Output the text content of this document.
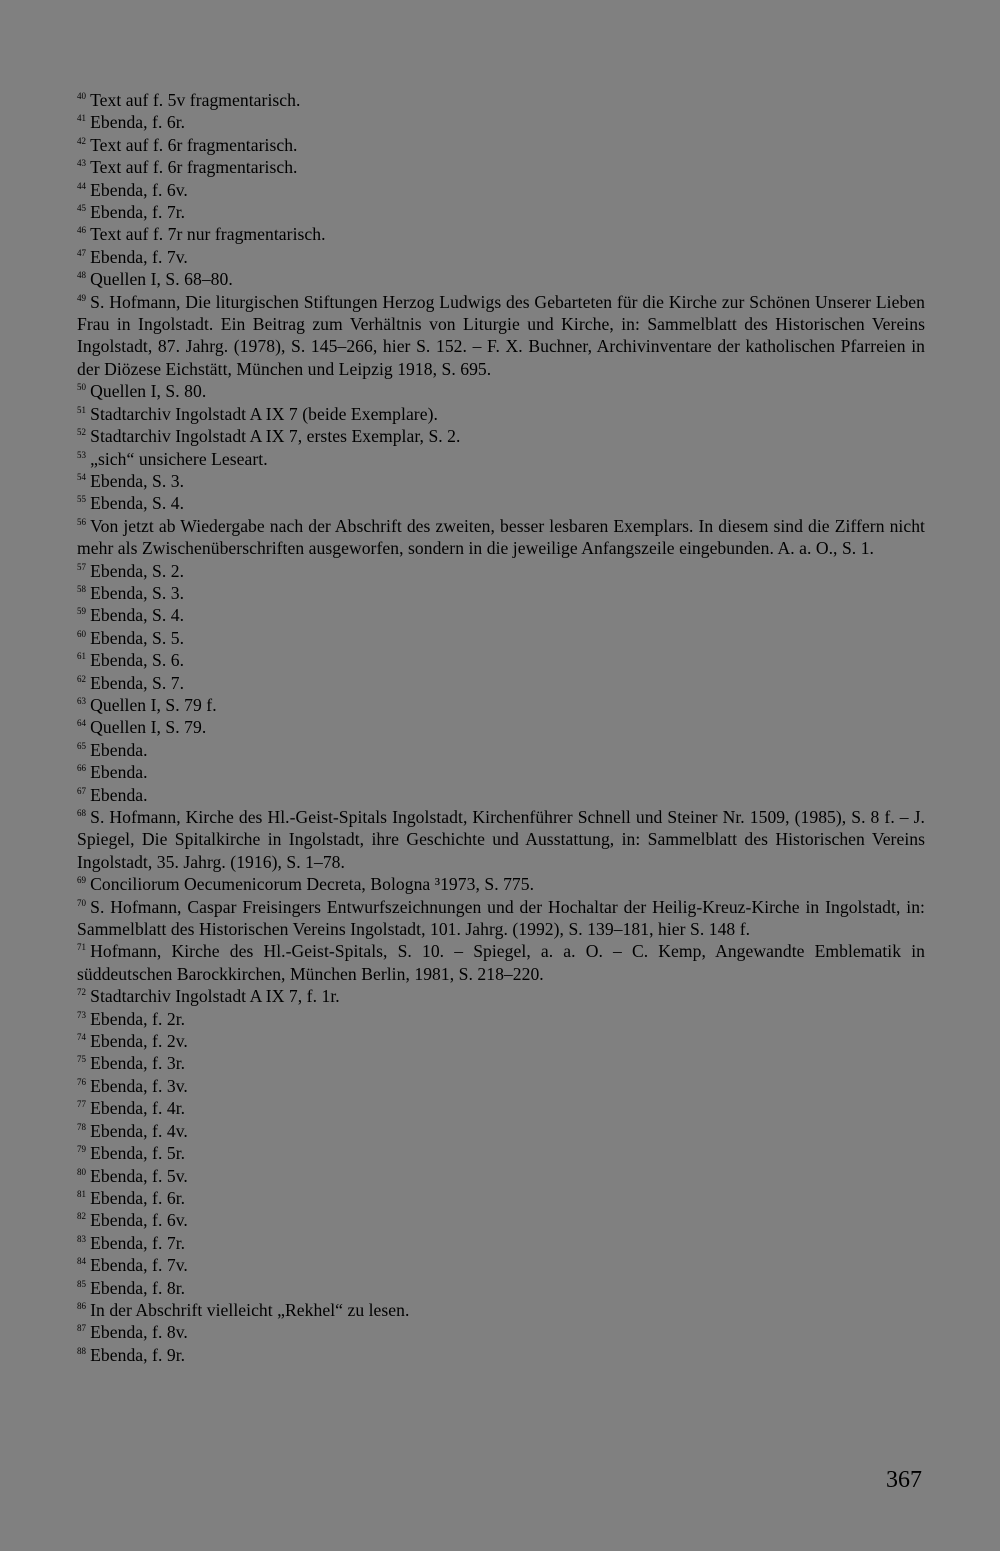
$^{40}$ Text auf f. 5v fragmentarisch.
$^{41}$ Ebenda, f. 6r.
$^{42}$ Text auf f. 6r fragmentarisch.
$^{43}$ Text auf f. 6r fragmentarisch.
$^{44}$ Ebenda, f. 6v.
$^{45}$ Ebenda, f. 7r.
$^{46}$ Text auf f. 7r nur fragmentarisch.
$^{47}$ Ebenda, f. 7v.
$^{48}$ Quellen I, S. 68–80.
$^{49}$ S. Hofmann, Die liturgischen Stiftungen Herzog Ludwigs des Gebarteten für die Kirche zur Schönen Unserer Lieben Frau in Ingolstadt. Ein Beitrag zum Verhältnis von Liturgie und Kirche, in: Sammelblatt des Historischen Vereins Ingolstadt, 87. Jahrg. (1978), S. 145–266, hier S. 152. – F. X. Buchner, Archivinventare der katholischen Pfarreien in der Diözese Eichstätt, München und Leipzig 1918, S. 695.
$^{50}$ Quellen I, S. 80.
$^{51}$ Stadtarchiv Ingolstadt A IX 7 (beide Exemplare).
$^{52}$ Stadtarchiv Ingolstadt A IX 7, erstes Exemplar, S. 2.
$^{53}$ „sich“ unsichere Leseart.
$^{54}$ Ebenda, S. 3.
$^{55}$ Ebenda, S. 4.
$^{56}$ Von jetzt ab Wiedergabe nach der Abschrift des zweiten, besser lesbaren Exemplars. In diesem sind die Ziffern nicht mehr als Zwischenüberschriften ausgeworfen, sondern in die jeweilige Anfangszeile eingebunden. A. a. O., S. 1.
$^{57}$ Ebenda, S. 2.
$^{58}$ Ebenda, S. 3.
$^{59}$ Ebenda, S. 4.
$^{60}$ Ebenda, S. 5.
$^{61}$ Ebenda, S. 6.
$^{62}$ Ebenda, S. 7.
$^{63}$ Quellen I, S. 79 f.
$^{64}$ Quellen I, S. 79.
$^{65}$ Ebenda.
$^{66}$ Ebenda.
$^{67}$ Ebenda.
$^{68}$ S. Hofmann, Kirche des Hl.-Geist-Spitals Ingolstadt, Kirchenführer Schnell und Steiner Nr. 1509, (1985), S. 8 f. – J. Spiegel, Die Spitalkirche in Ingolstadt, ihre Geschichte und Ausstattung, in: Sammelblatt des Historischen Vereins Ingolstadt, 35. Jahrg. (1916), S. 1–78.
$^{69}$ Conciliorum Oecumenicorum Decreta, Bologna ³1973, S. 775.
$^{70}$ S. Hofmann, Caspar Freisingers Entwurfszeichnungen und der Hochaltar der Heilig-Kreuz-Kirche in Ingolstadt, in: Sammelblatt des Historischen Vereins Ingolstadt, 101. Jahrg. (1992), S. 139–181, hier S. 148 f.
$^{71}$ Hofmann, Kirche des Hl.-Geist-Spitals, S. 10. – Spiegel, a. a. O. – C. Kemp, Angewandte Emblematik in süddeutschen Barockkirchen, München Berlin, 1981, S. 218–220.
$^{72}$ Stadtarchiv Ingolstadt A IX 7, f. 1r.
$^{73}$ Ebenda, f. 2r.
$^{74}$ Ebenda, f. 2v.
$^{75}$ Ebenda, f. 3r.
$^{76}$ Ebenda, f. 3v.
$^{77}$ Ebenda, f. 4r.
$^{78}$ Ebenda, f. 4v.
$^{79}$ Ebenda, f. 5r.
$^{80}$ Ebenda, f. 5v.
$^{81}$ Ebenda, f. 6r.
$^{82}$ Ebenda, f. 6v.
$^{83}$ Ebenda, f. 7r.
$^{84}$ Ebenda, f. 7v.
$^{85}$ Ebenda, f. 8r.
$^{86}$ In der Abschrift vielleicht „Rekhel“ zu lesen.
$^{87}$ Ebenda, f. 8v.
$^{88}$ Ebenda, f. 9r.
367
